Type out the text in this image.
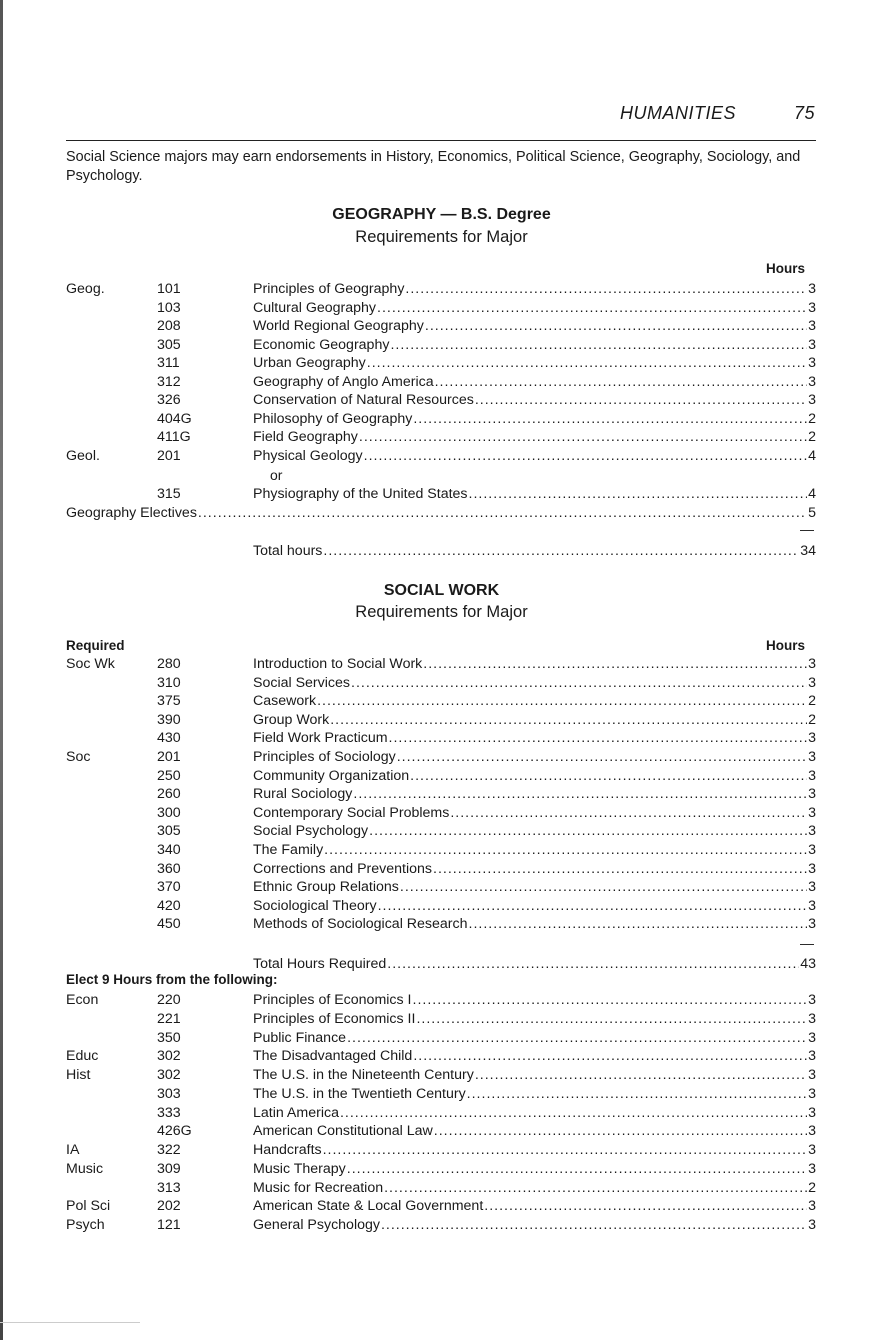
HUMANITIES	75
Social Science majors may earn endorsements in History, Economics, Political Science, Geography, Sociology, and Psychology.
GEOGRAPHY — B.S. Degree
Requirements for Major
Hours
Geog.	101	Principles of Geography .....	3
103	Cultural Geography .....	3
208	World Regional Geography .....	3
305	Economic Geography .....	3
311	Urban Geography .....	3
312	Geography of Anglo America .....	3
326	Conservation of Natural Resources .....	3
404G	Philosophy of Geography .....	2
411G	Field Geography .....	2
Geol.	201	Physical Geology .....	4
or
315	Physiography of the United States .....	4
Geography Electives .....	5
—
Total hours .....	34
SOCIAL WORK
Requirements for Major
Required	Hours
Soc Wk	280	Introduction to Social Work .....	3
310	Social Services .....	3
375	Casework .....	2
390	Group Work .....	2
430	Field Work Practicum .....	3
Soc	201	Principles of Sociology .....	3
250	Community Organization .....	3
260	Rural Sociology .....	3
300	Contemporary Social Problems .....	3
305	Social Psychology .....	3
340	The Family .....	3
360	Corrections and Preventions .....	3
370	Ethnic Group Relations .....	3
420	Sociological Theory .....	3
450	Methods of Sociological Research .....	3
—
Total Hours Required .....	43
Elect 9 Hours from the following:
Econ	220	Principles of Economics I .....	3
221	Principles of Economics II .....	3
350	Public Finance .....	3
Educ	302	The Disadvantaged Child .....	3
Hist	302	The U.S. in the Nineteenth Century .....	3
303	The U.S. in the Twentieth Century .....	3
333	Latin America .....	3
426G	American Constitutional Law .....	3
IA	322	Handcrafts .....	3
Music	309	Music Therapy .....	3
313	Music for Recreation .....	2
Pol Sci	202	American State & Local Government .....	3
Psych	121	General Psychology .....	3
